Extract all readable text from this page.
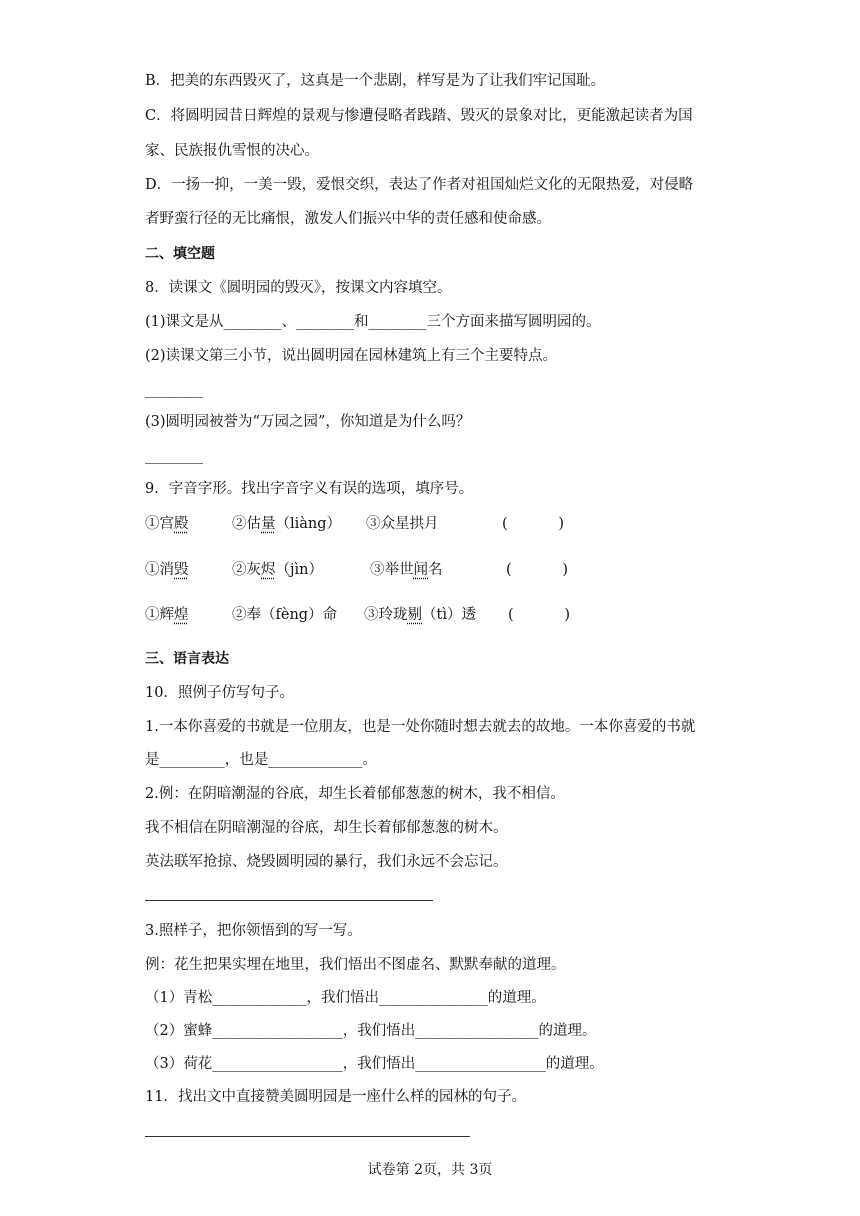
B．把美的东西毁灭了，这真是一个悲剧，样写是为了让我们牢记国耻。
C．将圆明园昔日辉煌的景观与惨遭侵略者践踏、毁灭的景象对比，更能激起读者为国
家、民族报仇雪恨的决心。
D．一扬一抑，一美一毁，爱恨交织，表达了作者对祖国灿烂文化的无限热爱，对侵略
者野蛮行径的无比痛恨，激发人们振兴中华的责任感和使命感。
二、填空题
8．读课文《圆明园的毁灭》，按课文内容填空。
(1)课文是从________、________和________三个方面来描写圆明园的。
(2)读课文第三小节，说出圆明园在园林建筑上有三个主要特点。
________
(3)圆明园被誉为“万园之园”，你知道是为什么吗？
________
9．字音字形。找出字音字义有误的选项，填序号。
①宫殿	②估量（liàng） ③众星拱月	(           )
①消毁	②灰烬（jìn）	③举世闻名	(           )
①辉煌	②奉（fèng）命 ③玲珑剔（tì）透 (           )
三、语言表达
10．照例子仿写句子。
1.一本你喜爱的书就是一位朋友，也是一处你随时想去就去的故地。一本你喜爱的书就
是_________，也是_____________。
2.例：在阴暗潮湿的谷底，却生长着郁郁葱葱的树木，我不相信。
我不相信在阴暗潮湿的谷底，却生长着郁郁葱葱的树木。
英法联军抢掠、烧毁圆明园的暴行，我们永远不会忘记。
3.照样子，把你领悟到的写一写。
例：花生把果实埋在地里，我们悟出不图虚名、默默奉献的道理。
（1）青松_____________，我们悟出_______________的道理。
（2）蜜蜂__________________，我们悟出_________________的道理。
（3）荷花__________________，我们悟出__________________的道理。
11．找出文中直接赞美圆明园是一座什么样的园林的句子。
试卷第 2页，共 3页
